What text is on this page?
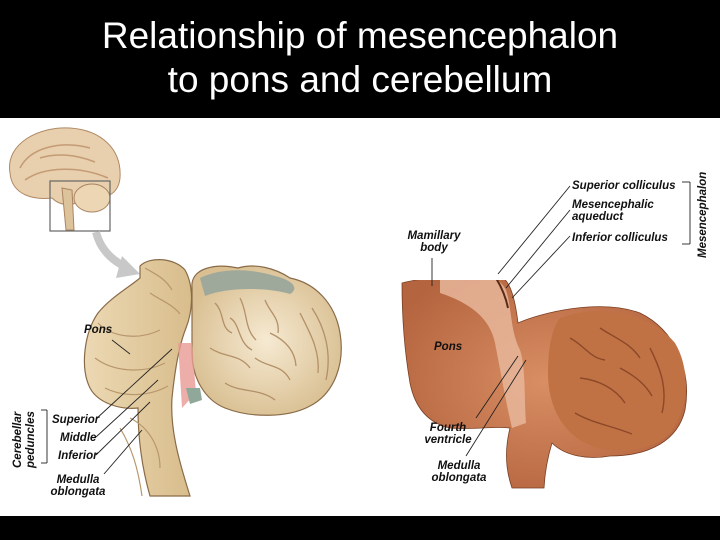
Relationship of mesencephalon
to pons and cerebellum
Pons
Cerebellar peduncles Superior
Middle
Inferior
Medulla
oblongata
Superior colliculus
Mesencephalic
aqueduct
Inferior colliculus	Mesencephalon
Mamillary
body
Pons
Fourth
ventricle
Medulla
oblongata
